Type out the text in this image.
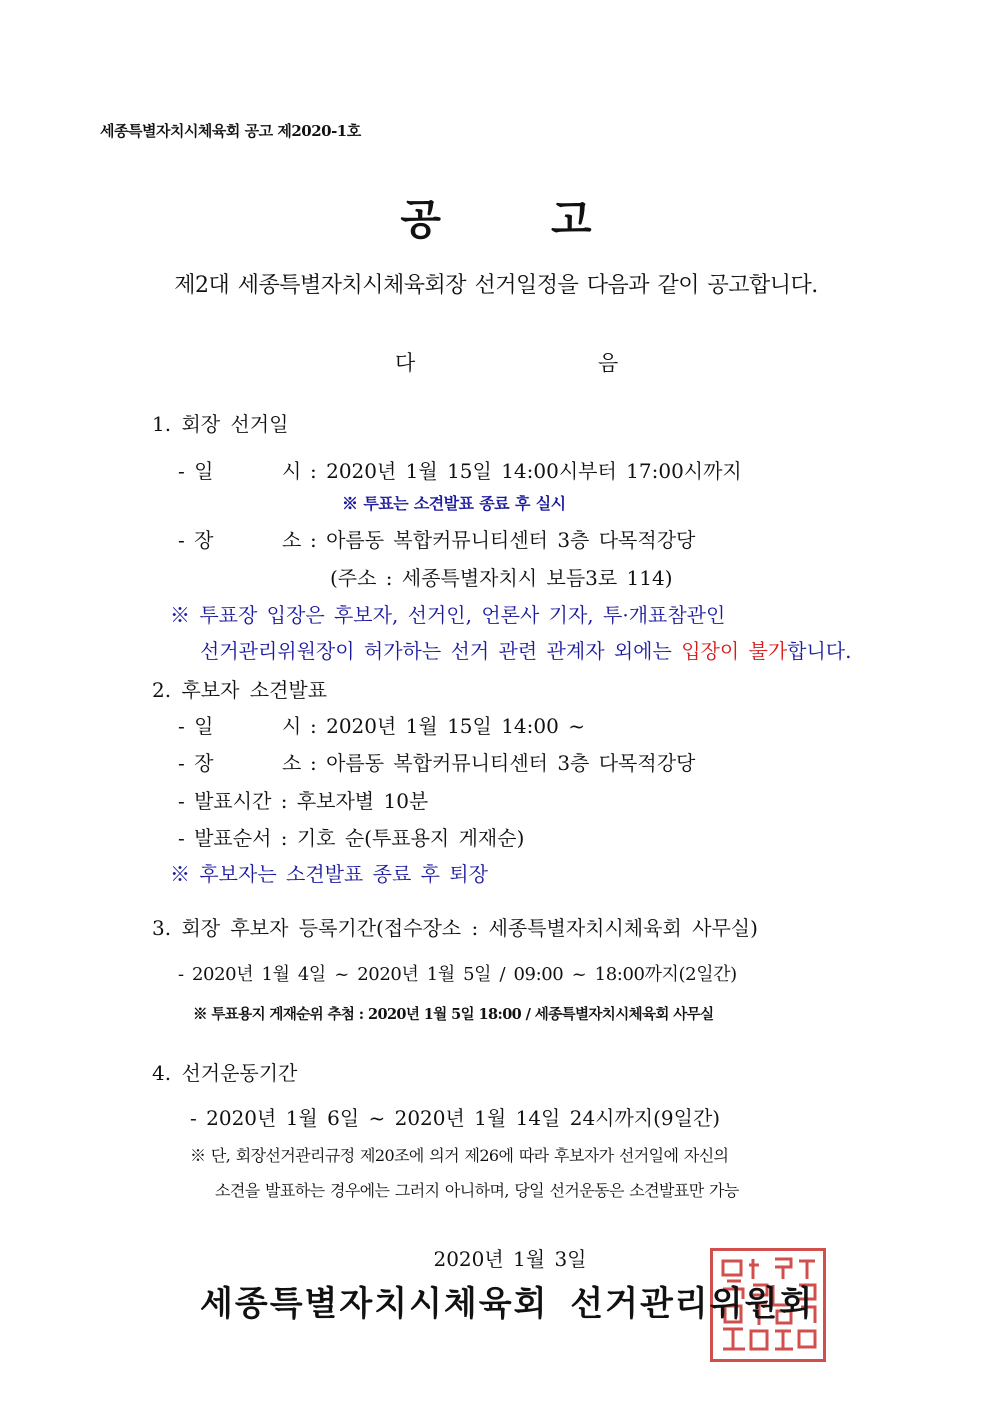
세종특별자치시체육회 공고 제2020-1호
공고
제2대 세종특별자치시체육회장 선거일정을 다음과 같이 공고합니다.
다	음
1. 회장 선거일
- 일	시 : 2020년 1월 15일 14:00시부터 17:00시까지
※ 투표는 소견발표 종료 후 실시
- 장	소 : 아름동 복합커뮤니티센터 3층 다목적강당
(주소 : 세종특별자치시 보듬3로 114)
※ 투표장 입장은 후보자, 선거인, 언론사 기자, 투·개표참관인
선거관리위원장이 허가하는 선거 관련 관계자 외에는 입장이 불가합니다.
2. 후보자 소견발표
- 일	시 : 2020년 1월 15일 14:00 ~
- 장	소 : 아름동 복합커뮤니티센터 3층 다목적강당
- 발표시간 : 후보자별 10분
- 발표순서 : 기호 순(투표용지 게재순)
※ 후보자는 소견발표 종료 후 퇴장
3. 회장 후보자 등록기간(접수장소 : 세종특별자치시체육회 사무실)
- 2020년 1월 4일 ~ 2020년 1월 5일 / 09:00 ~ 18:00까지(2일간)
※ 투표용지 게재순위 추첨 : 2020년 1월 5일 18:00 / 세종특별자치시체육회 사무실
4. 선거운동기간
- 2020년 1월 6일 ~ 2020년 1월 14일 24시까지(9일간)
※ 단, 회장선거관리규정 제20조에 의거 제26에 따라 후보자가 선거일에 자신의
소견을 발표하는 경우에는 그러지 아니하며, 당일 선거운동은 소견발표만 가능
2020년 1월 3일
세종특별자치시체육회 선거관리위원회
